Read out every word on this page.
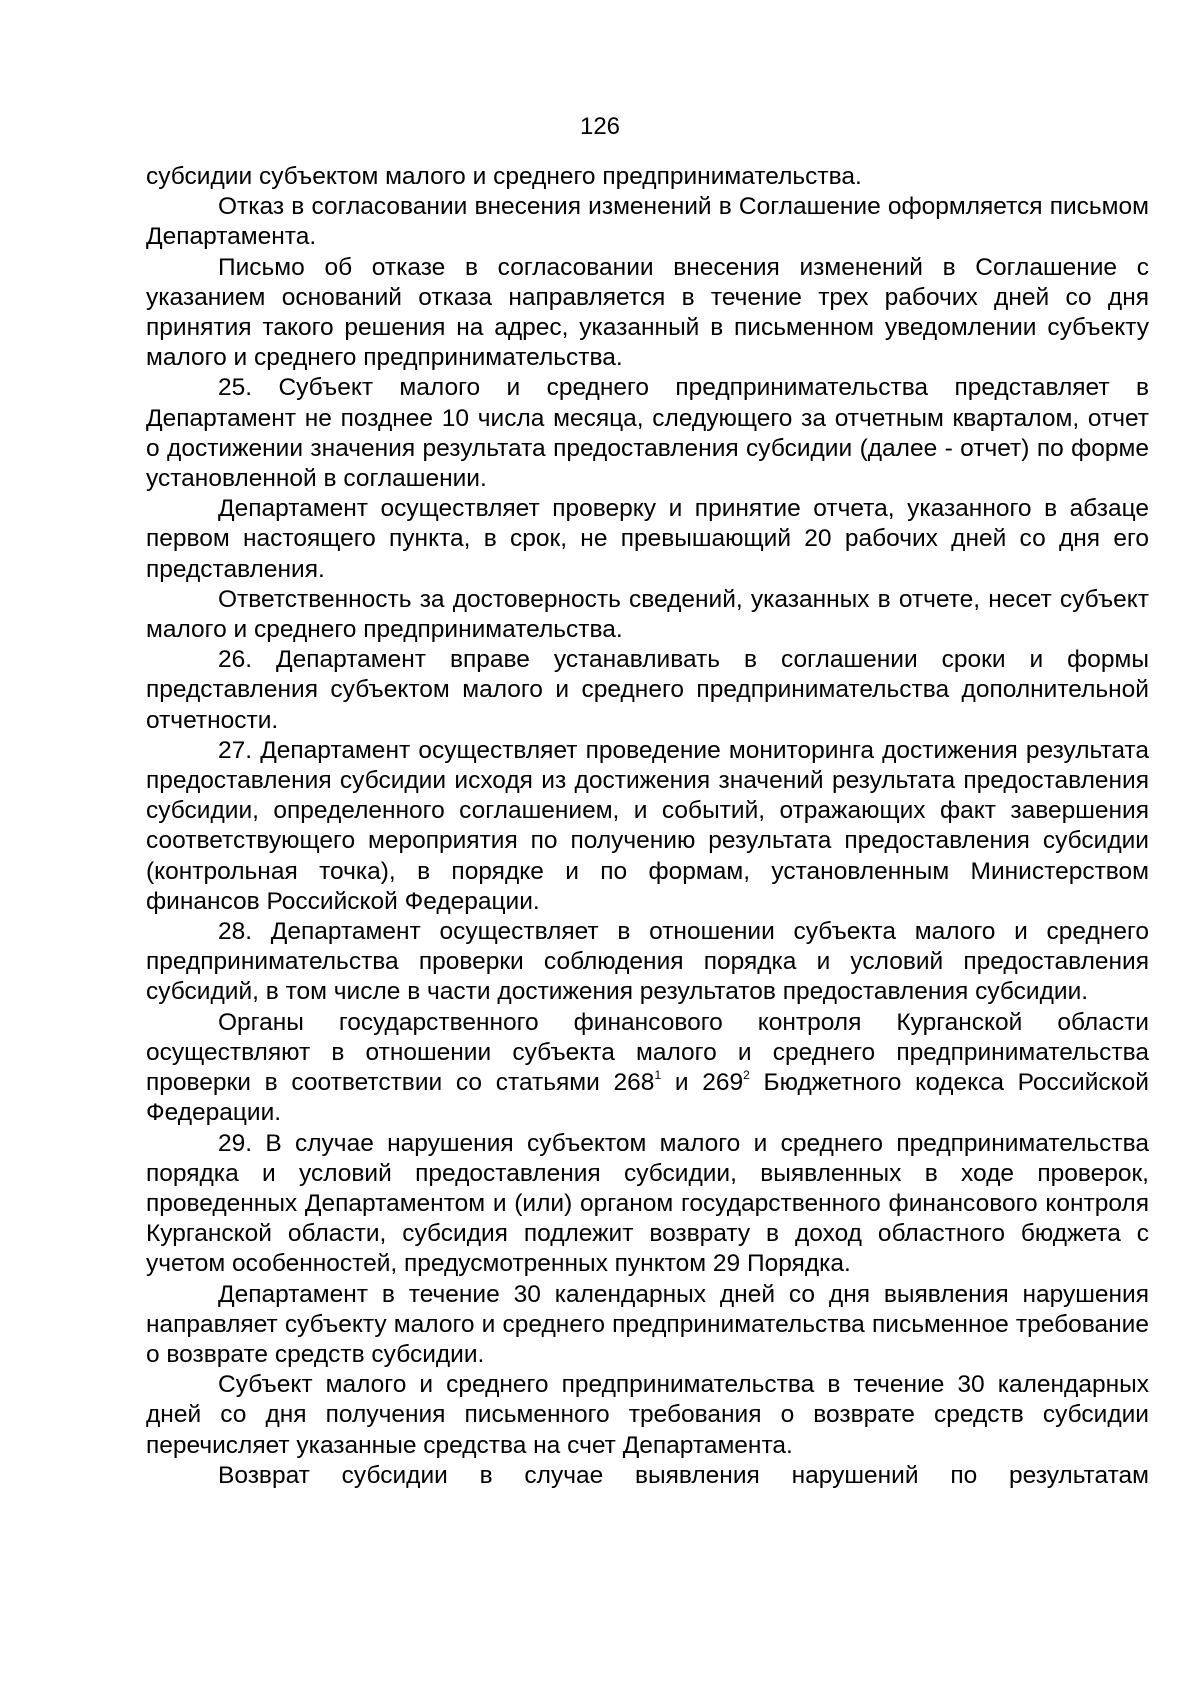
126

субсидии субъектом малого и среднего предпринимательства.

Отказ в согласовании внесения изменений в Соглашение оформляется письмом Департамента.

Письмо об отказе в согласовании внесения изменений в Соглашение с указанием оснований отказа направляется в течение трех рабочих дней со дня принятия такого решения на адрес, указанный в письменном уведомлении субъекту малого и среднего предпринимательства.

25. Субъект малого и среднего предпринимательства представляет в Департамент не позднее 10 числа месяца, следующего за отчетным кварталом, отчет о достижении значения результата предоставления субсидии (далее - отчет) по форме установленной в соглашении.

Департамент осуществляет проверку и принятие отчета, указанного в абзаце первом настоящего пункта, в срок, не превышающий 20 рабочих дней со дня его представления.

Ответственность за достоверность сведений, указанных в отчете, несет субъект малого и среднего предпринимательства.

26. Департамент вправе устанавливать в соглашении сроки и формы представления субъектом малого и среднего предпринимательства дополнительной отчетности.

27. Департамент осуществляет проведение мониторинга достижения результата предоставления субсидии исходя из достижения значений результата предоставления субсидии, определенного соглашением, и событий, отражающих факт завершения соответствующего мероприятия по получению результата предоставления субсидии (контрольная точка), в порядке и по формам, установленным Министерством финансов Российской Федерации.

28. Департамент осуществляет в отношении субъекта малого и среднего предпринимательства проверки соблюдения порядка и условий предоставления субсидий, в том числе в части достижения результатов предоставления субсидии.

Органы государственного финансового контроля Курганской области осуществляют в отношении субъекта малого и среднего предпринимательства проверки в соответствии со статьями $268^1$ и $269^2$ Бюджетного кодекса Российской Федерации.

29. В случае нарушения субъектом малого и среднего предпринимательства порядка и условий предоставления субсидии, выявленных в ходе проверок, проведенных Департаментом и (или) органом государственного финансового контроля Курганской области, субсидия подлежит возврату в доход областного бюджета с учетом особенностей, предусмотренных пунктом 29 Порядка.

Департамент в течение 30 календарных дней со дня выявления нарушения направляет субъекту малого и среднего предпринимательства письменное требование о возврате средств субсидии.

Субъект малого и среднего предпринимательства в течение 30 календарных дней со дня получения письменного требования о возврате средств субсидии перечисляет указанные средства на счет Департамента.

Возврат субсидии в случае выявления нарушений по результатам
